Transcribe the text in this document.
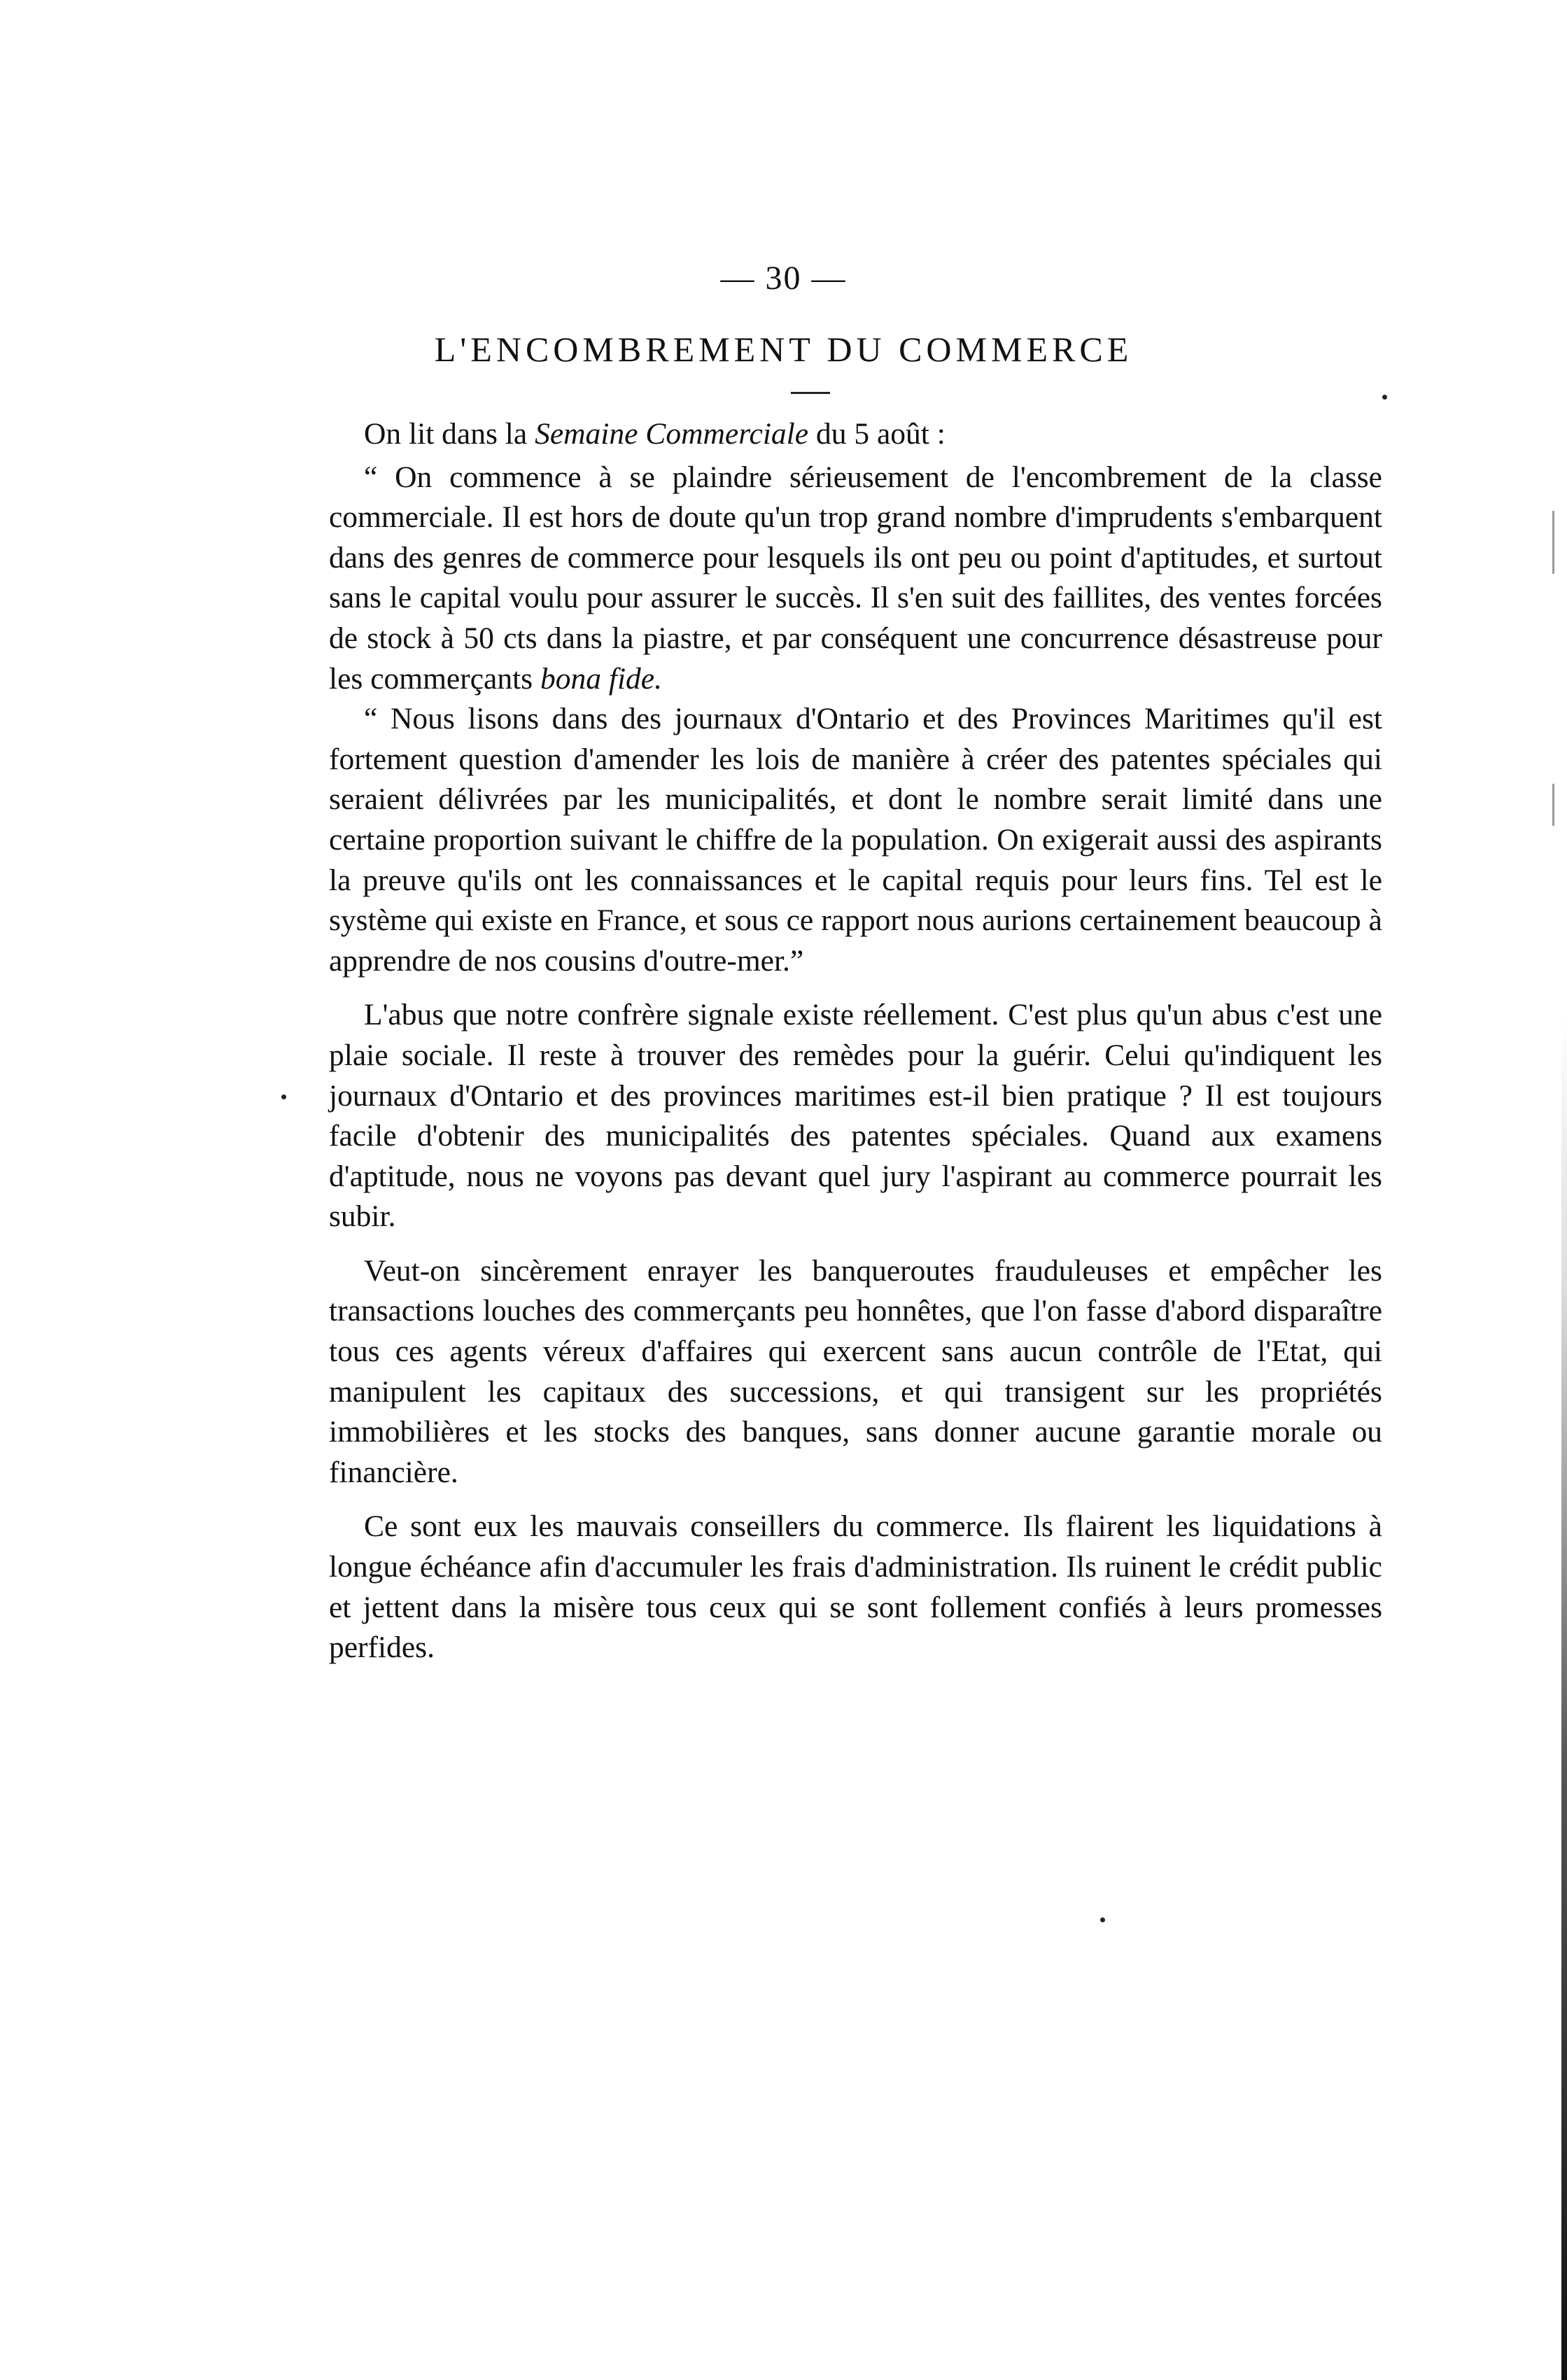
— 30 —
L'ENCOMBREMENT DU COMMERCE

On lit dans la Semaine Commerciale du 5 août :

“ On commence à se plaindre sérieusement de l'encombrement de la classe commerciale. Il est hors de doute qu'un trop grand nombre d'imprudents s'embarquent dans des genres de commerce pour lesquels ils ont peu ou point d'aptitudes, et surtout sans le capital voulu pour assurer le succès. Il s'en suit des faillites, des ventes forcées de stock à 50 cts dans la piastre, et par conséquent une concurrence désastreuse pour les commerçants bona fide.

“ Nous lisons dans des journaux d'Ontario et des Provinces Maritimes qu'il est fortement question d'amender les lois de manière à créer des patentes spéciales qui seraient délivrées par les municipalités, et dont le nombre serait limité dans une certaine proportion suivant le chiffre de la population. On exigerait aussi des aspirants la preuve qu'ils ont les connaissances et le capital requis pour leurs fins. Tel est le système qui existe en France, et sous ce rapport nous aurions certainement beaucoup à apprendre de nos cousins d'outre-mer.”

L'abus que notre confrère signale existe réellement. C'est plus qu'un abus c'est une plaie sociale. Il reste à trouver des remèdes pour la guérir. Celui qu'indiquent les journaux d'Ontario et des provinces maritimes est-il bien pratique ? Il est toujours facile d'obtenir des municipalités des patentes spéciales. Quand aux examens d'aptitude, nous ne voyons pas devant quel jury l'aspirant au commerce pourrait les subir.

Veut-on sincèrement enrayer les banqueroutes frauduleuses et empêcher les transactions louches des commerçants peu honnêtes, que l'on fasse d'abord disparaître tous ces agents véreux d'affaires qui exercent sans aucun contrôle de l'Etat, qui manipulent les capitaux des successions, et qui transigent sur les propriétés immobilières et les stocks des banques, sans donner aucune garantie morale ou financière.

Ce sont eux les mauvais conseillers du commerce. Ils flairent les liquidations à longue échéance afin d'accumuler les frais d'administration. Ils ruinent le crédit public et jettent dans la misère tous ceux qui se sont follement confiés à leurs promesses perfides.
